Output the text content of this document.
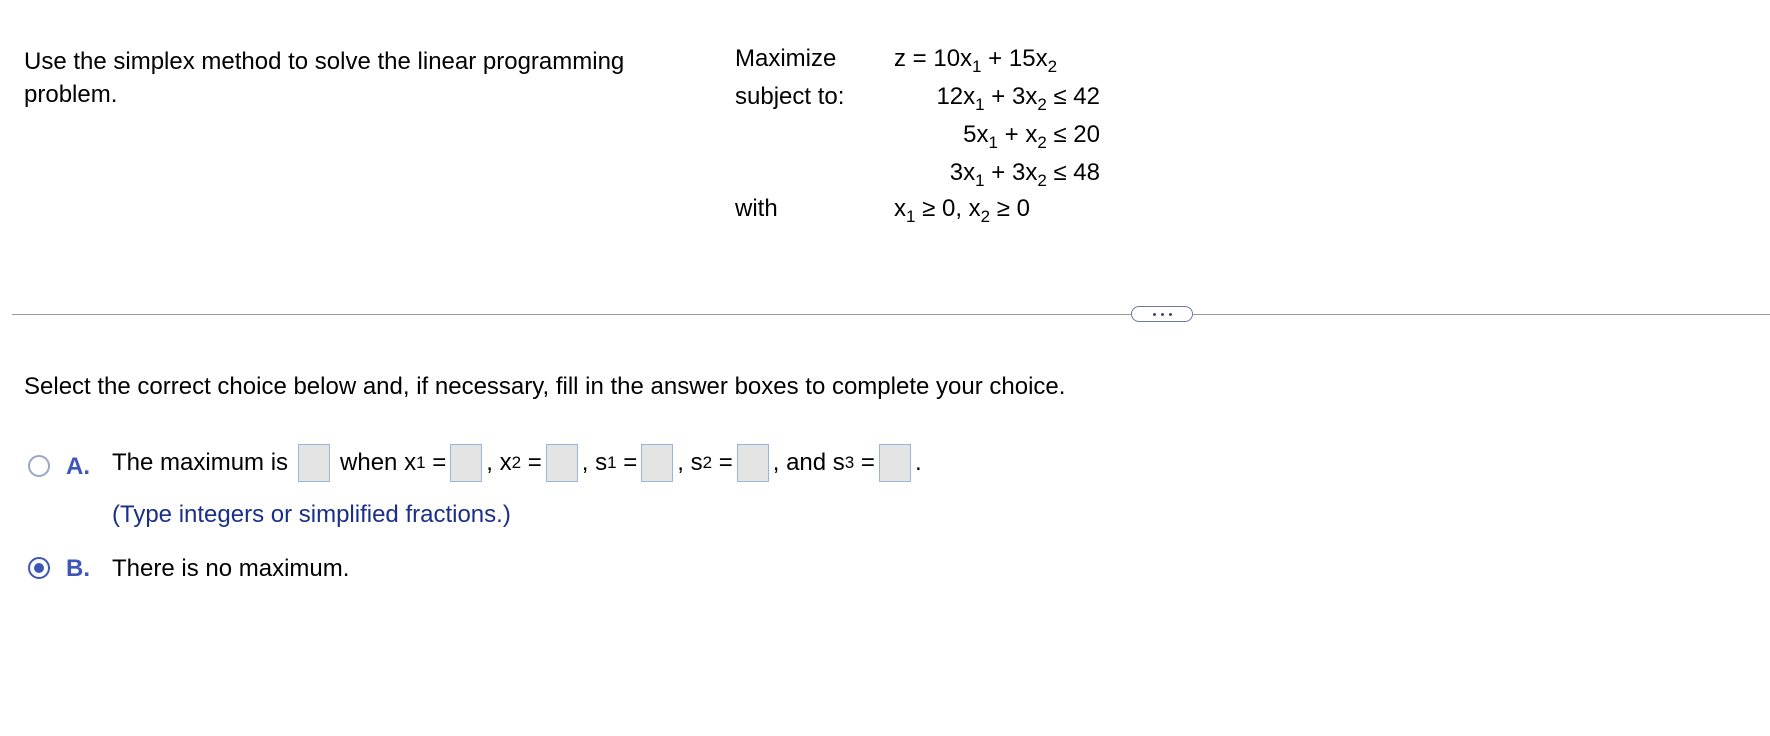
Use the simplex method to solve the linear programming problem.
Maximize
subject to:
with
$z = 10x_1 + 15x_2$
$12x_1 + 3x_2 \le 42$
$5x_1 + x_2 \le 20$
$3x_1 + 3x_2 \le 48$
$x_1 \ge 0$, $x_2 \ge 0$
Select the correct choice below and, if necessary, fill in the answer boxes to complete your choice.
A. The maximum is when x 1 = , x 2 = , s 1 = , s 2 = , and s 3 = .
(Type integers or simplified fractions.)
B. There is no maximum.
